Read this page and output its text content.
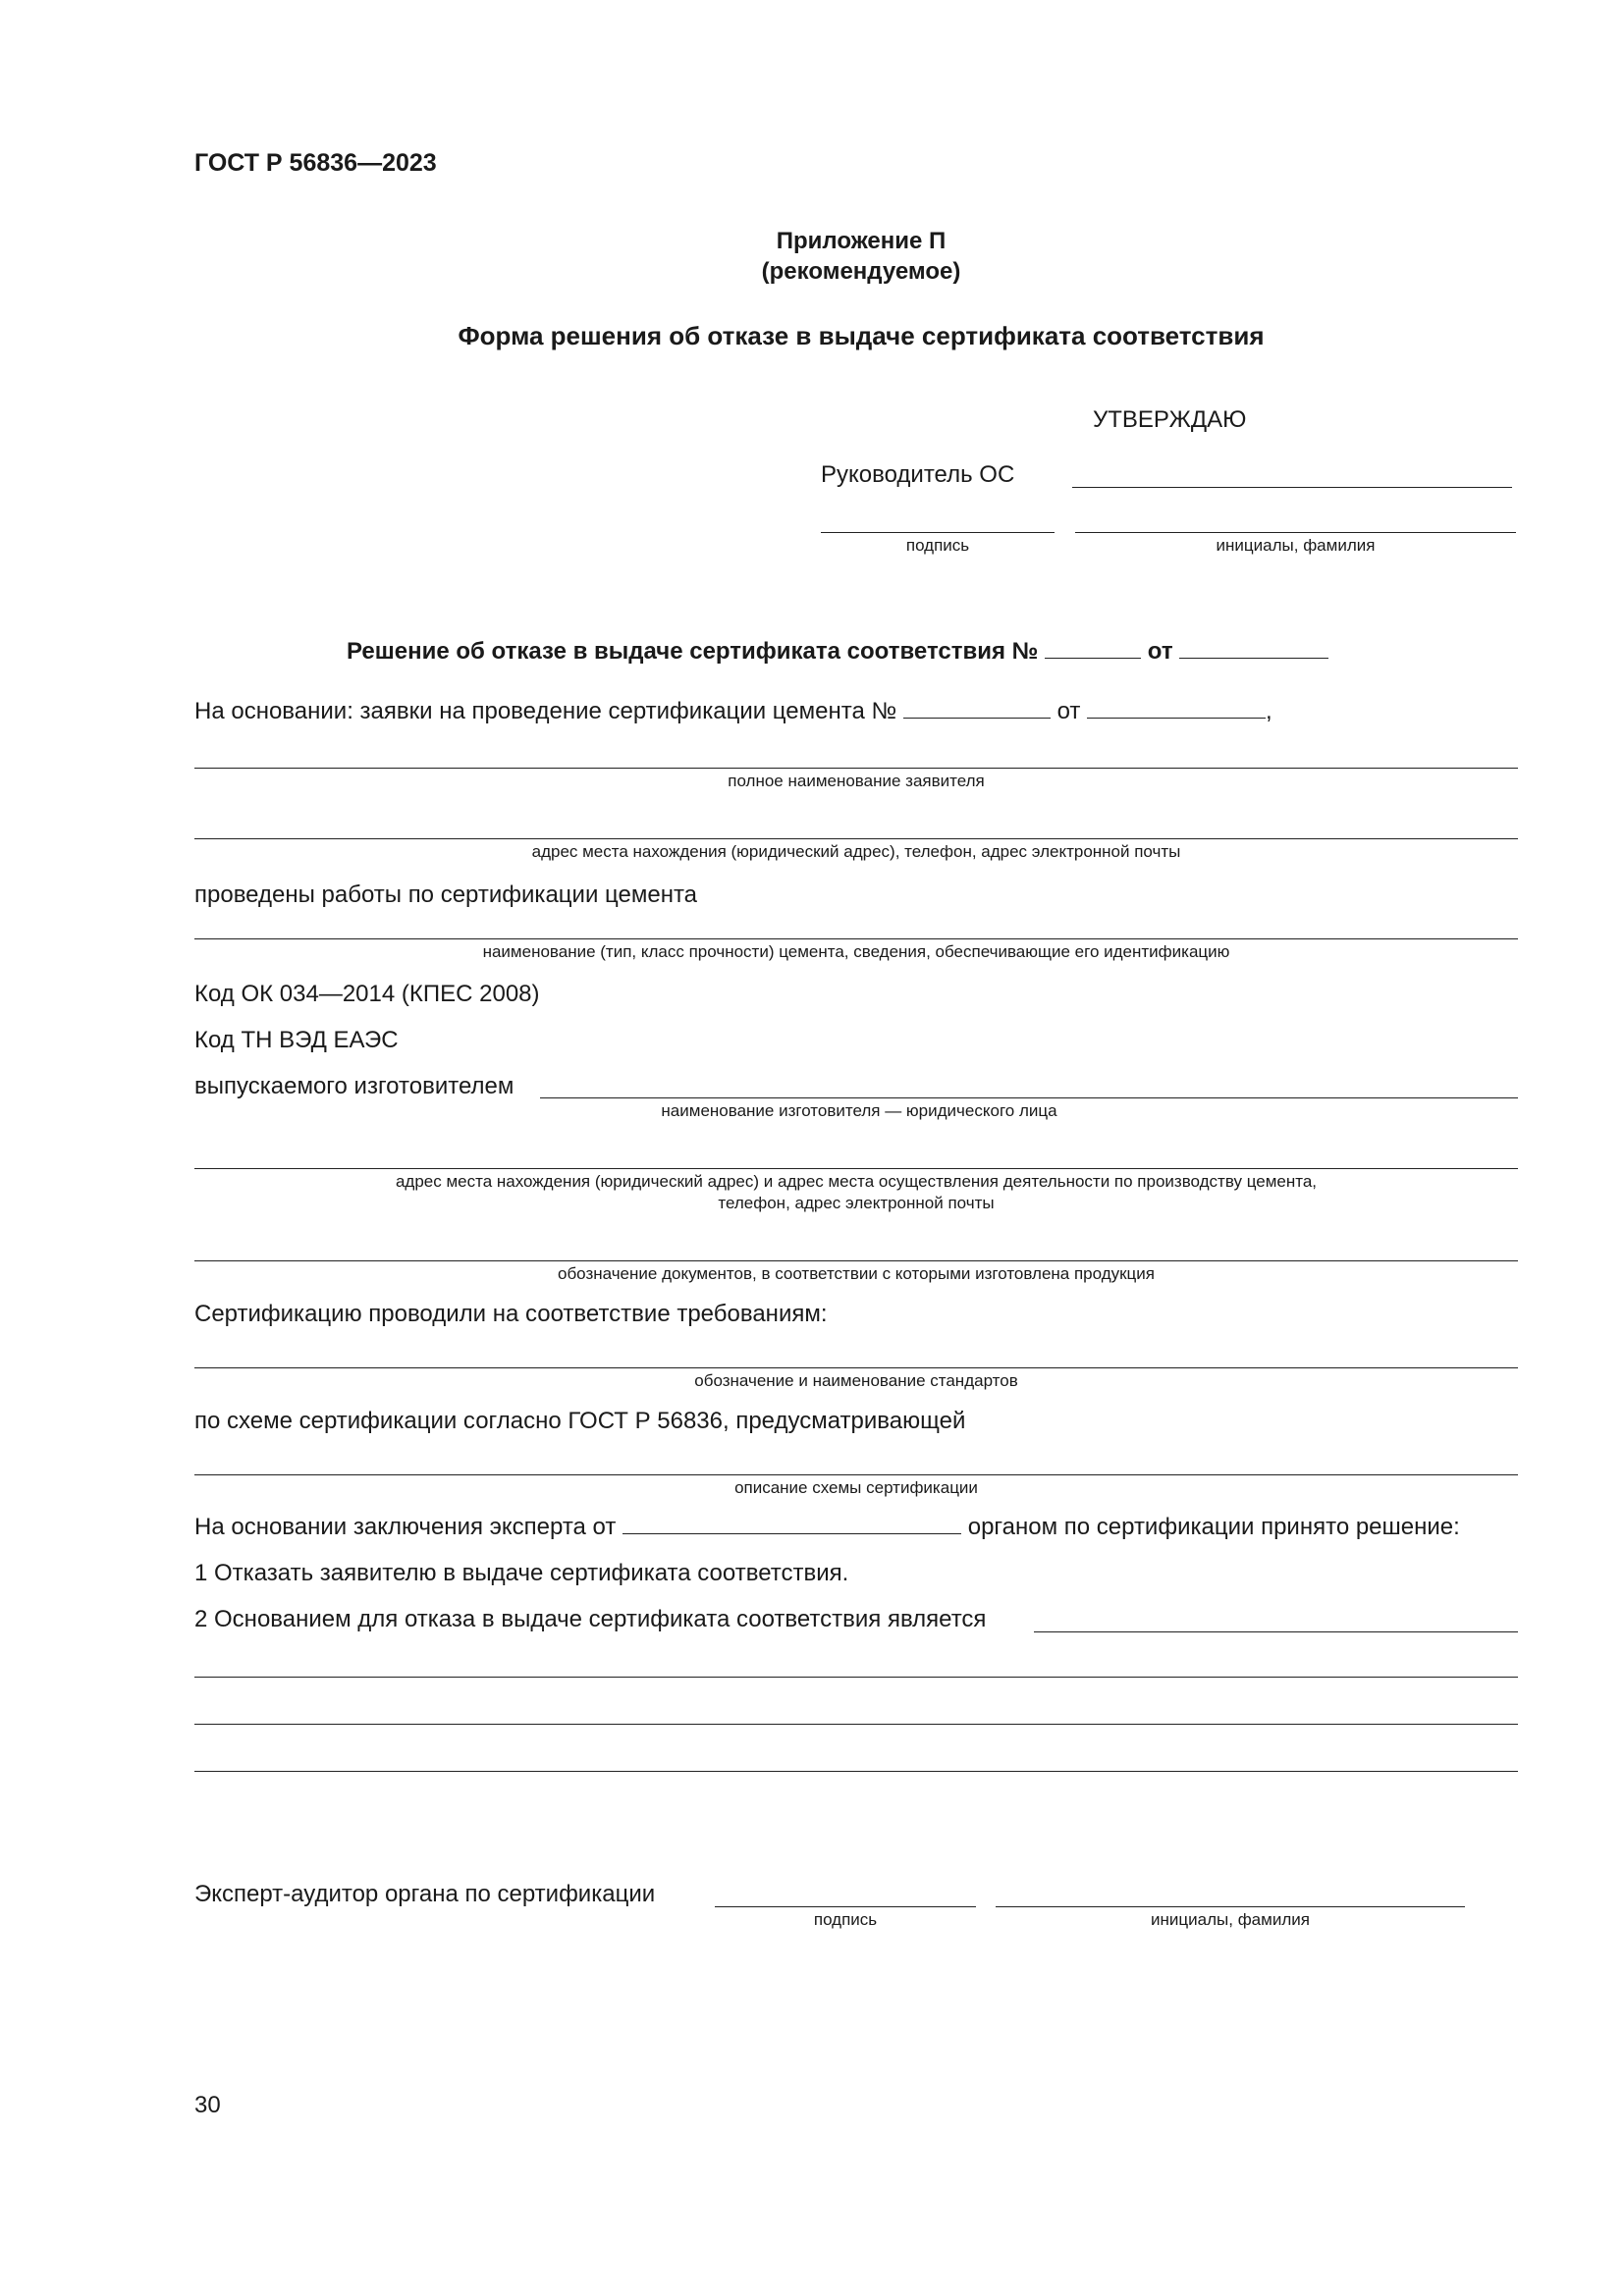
ГОСТ Р 56836—2023
Приложение П
(рекомендуемое)
Форма решения об отказе в выдаче сертификата соответствия
УТВЕРЖДАЮ
Руководитель ОС
подпись	инициалы, фамилия
Решение об отказе в выдаче сертификата соответствия №	от
На основании: заявки на проведение сертификации цемента №	от	,
полное наименование заявителя
адрес места нахождения (юридический адрес), телефон, адрес электронной почты
проведены работы по сертификации цемента
наименование (тип, класс прочности) цемента, сведения, обеспечивающие его идентификацию
Код ОК 034—2014 (КПЕС 2008)
Код ТН ВЭД ЕАЭС
выпускаемого изготовителем
наименование изготовителя — юридического лица
адрес места нахождения (юридический адрес) и адрес места осуществления деятельности по производству цемента,
телефон, адрес электронной почты
обозначение документов, в соответствии с которыми изготовлена продукция
Сертификацию проводили на соответствие требованиям:
обозначение и наименование стандартов
по схеме сертификации согласно ГОСТ Р 56836, предусматривающей
описание схемы сертификации
На основании заключения эксперта от	органом по сертификации принято решение:
1 Отказать заявителю в выдаче сертификата соответствия.
2 Основанием для отказа в выдаче сертификата соответствия является
Эксперт-аудитор органа по сертификации
подпись	инициалы, фамилия
30
